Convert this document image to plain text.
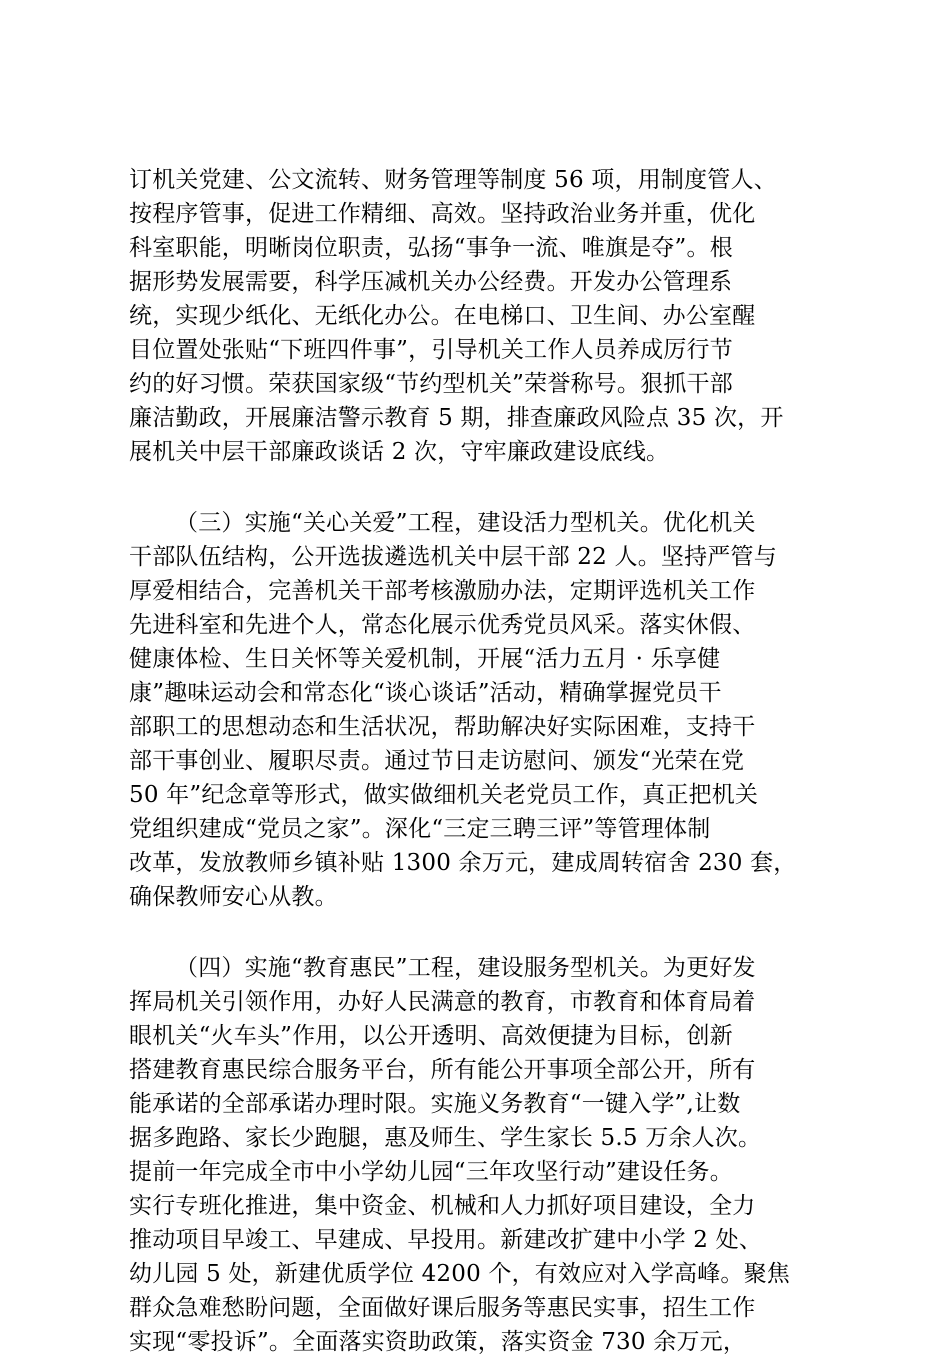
订机关党建、公文流转、财务管理等制度 56 项，用制度管人、
按程序管事，促进工作精细、高效。坚持政治业务并重，优化
科室职能，明晰岗位职责，弘扬“事争一流、唯旗是夺”。根
据形势发展需要，科学压减机关办公经费。开发办公管理系
统，实现少纸化、无纸化办公。在电梯口、卫生间、办公室醒
目位置处张贴“下班四件事”，引导机关工作人员养成厉行节
约的好习惯。荣获国家级“节约型机关”荣誉称号。狠抓干部
廉洁勤政，开展廉洁警示教育 5 期，排查廉政风险点 35 次，开
展机关中层干部廉政谈话 2 次，守牢廉政建设底线。
（三）实施“关心关爱”工程，建设活力型机关。优化机关
干部队伍结构，公开选拔遴选机关中层干部 22 人。坚持严管与
厚爱相结合，完善机关干部考核激励办法，定期评选机关工作
先进科室和先进个人，常态化展示优秀党员风采。落实休假、
健康体检、生日关怀等关爱机制，开展“活力五月 · 乐享健
康”趣味运动会和常态化“谈心谈话”活动，精确掌握党员干
部职工的思想动态和生活状况，帮助解决好实际困难，支持干
部干事创业、履职尽责。通过节日走访慰问、颁发“光荣在党
50 年”纪念章等形式，做实做细机关老党员工作，真正把机关
党组织建成“党员之家”。深化“三定三聘三评”等管理体制
改革，发放教师乡镇补贴 1300 余万元，建成周转宿舍 230 套，
确保教师安心从教。
（四）实施“教育惠民”工程，建设服务型机关。为更好发
挥局机关引领作用，办好人民满意的教育，市教育和体育局着
眼机关“火车头”作用，以公开透明、高效便捷为目标，创新
搭建教育惠民综合服务平台，所有能公开事项全部公开，所有
能承诺的全部承诺办理时限。实施义务教育“一键入学”,让数
据多跑路、家长少跑腿，惠及师生、学生家长 5.5 万余人次。
提前一年完成全市中小学幼儿园“三年攻坚行动”建设任务。
实行专班化推进，集中资金、机械和人力抓好项目建设，全力
推动项目早竣工、早建成、早投用。新建改扩建中小学 2 处、
幼儿园 5 处，新建优质学位 4200 个，有效应对入学高峰。聚焦
群众急难愁盼问题，全面做好课后服务等惠民实事，招生工作
实现“零投诉”。全面落实资助政策，落实资金 730 余万元，
